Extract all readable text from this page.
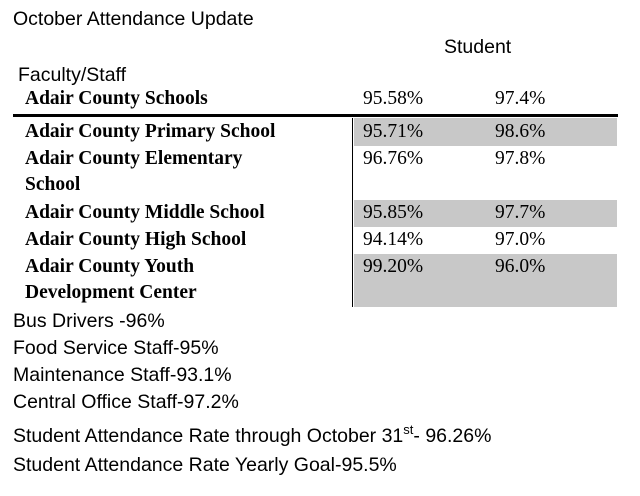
October Attendance Update
Student
Faculty/Staff
Adair County Schools	95.58%	97.4%
Adair County Primary School	95.71%	98.6%
Adair County Elementary
School
96.76%	97.8%
Adair County Middle School	95.85%	97.7%
Adair County High School	94.14%	97.0%
Adair County Youth
Development Center
99.20%	96.0%
Bus Drivers -96%
Food Service Staff-95%
Maintenance Staff-93.1%
Central Office Staff-97.2%
Student Attendance Rate through October 31st- 96.26%
Student Attendance Rate Yearly Goal-95.5%
